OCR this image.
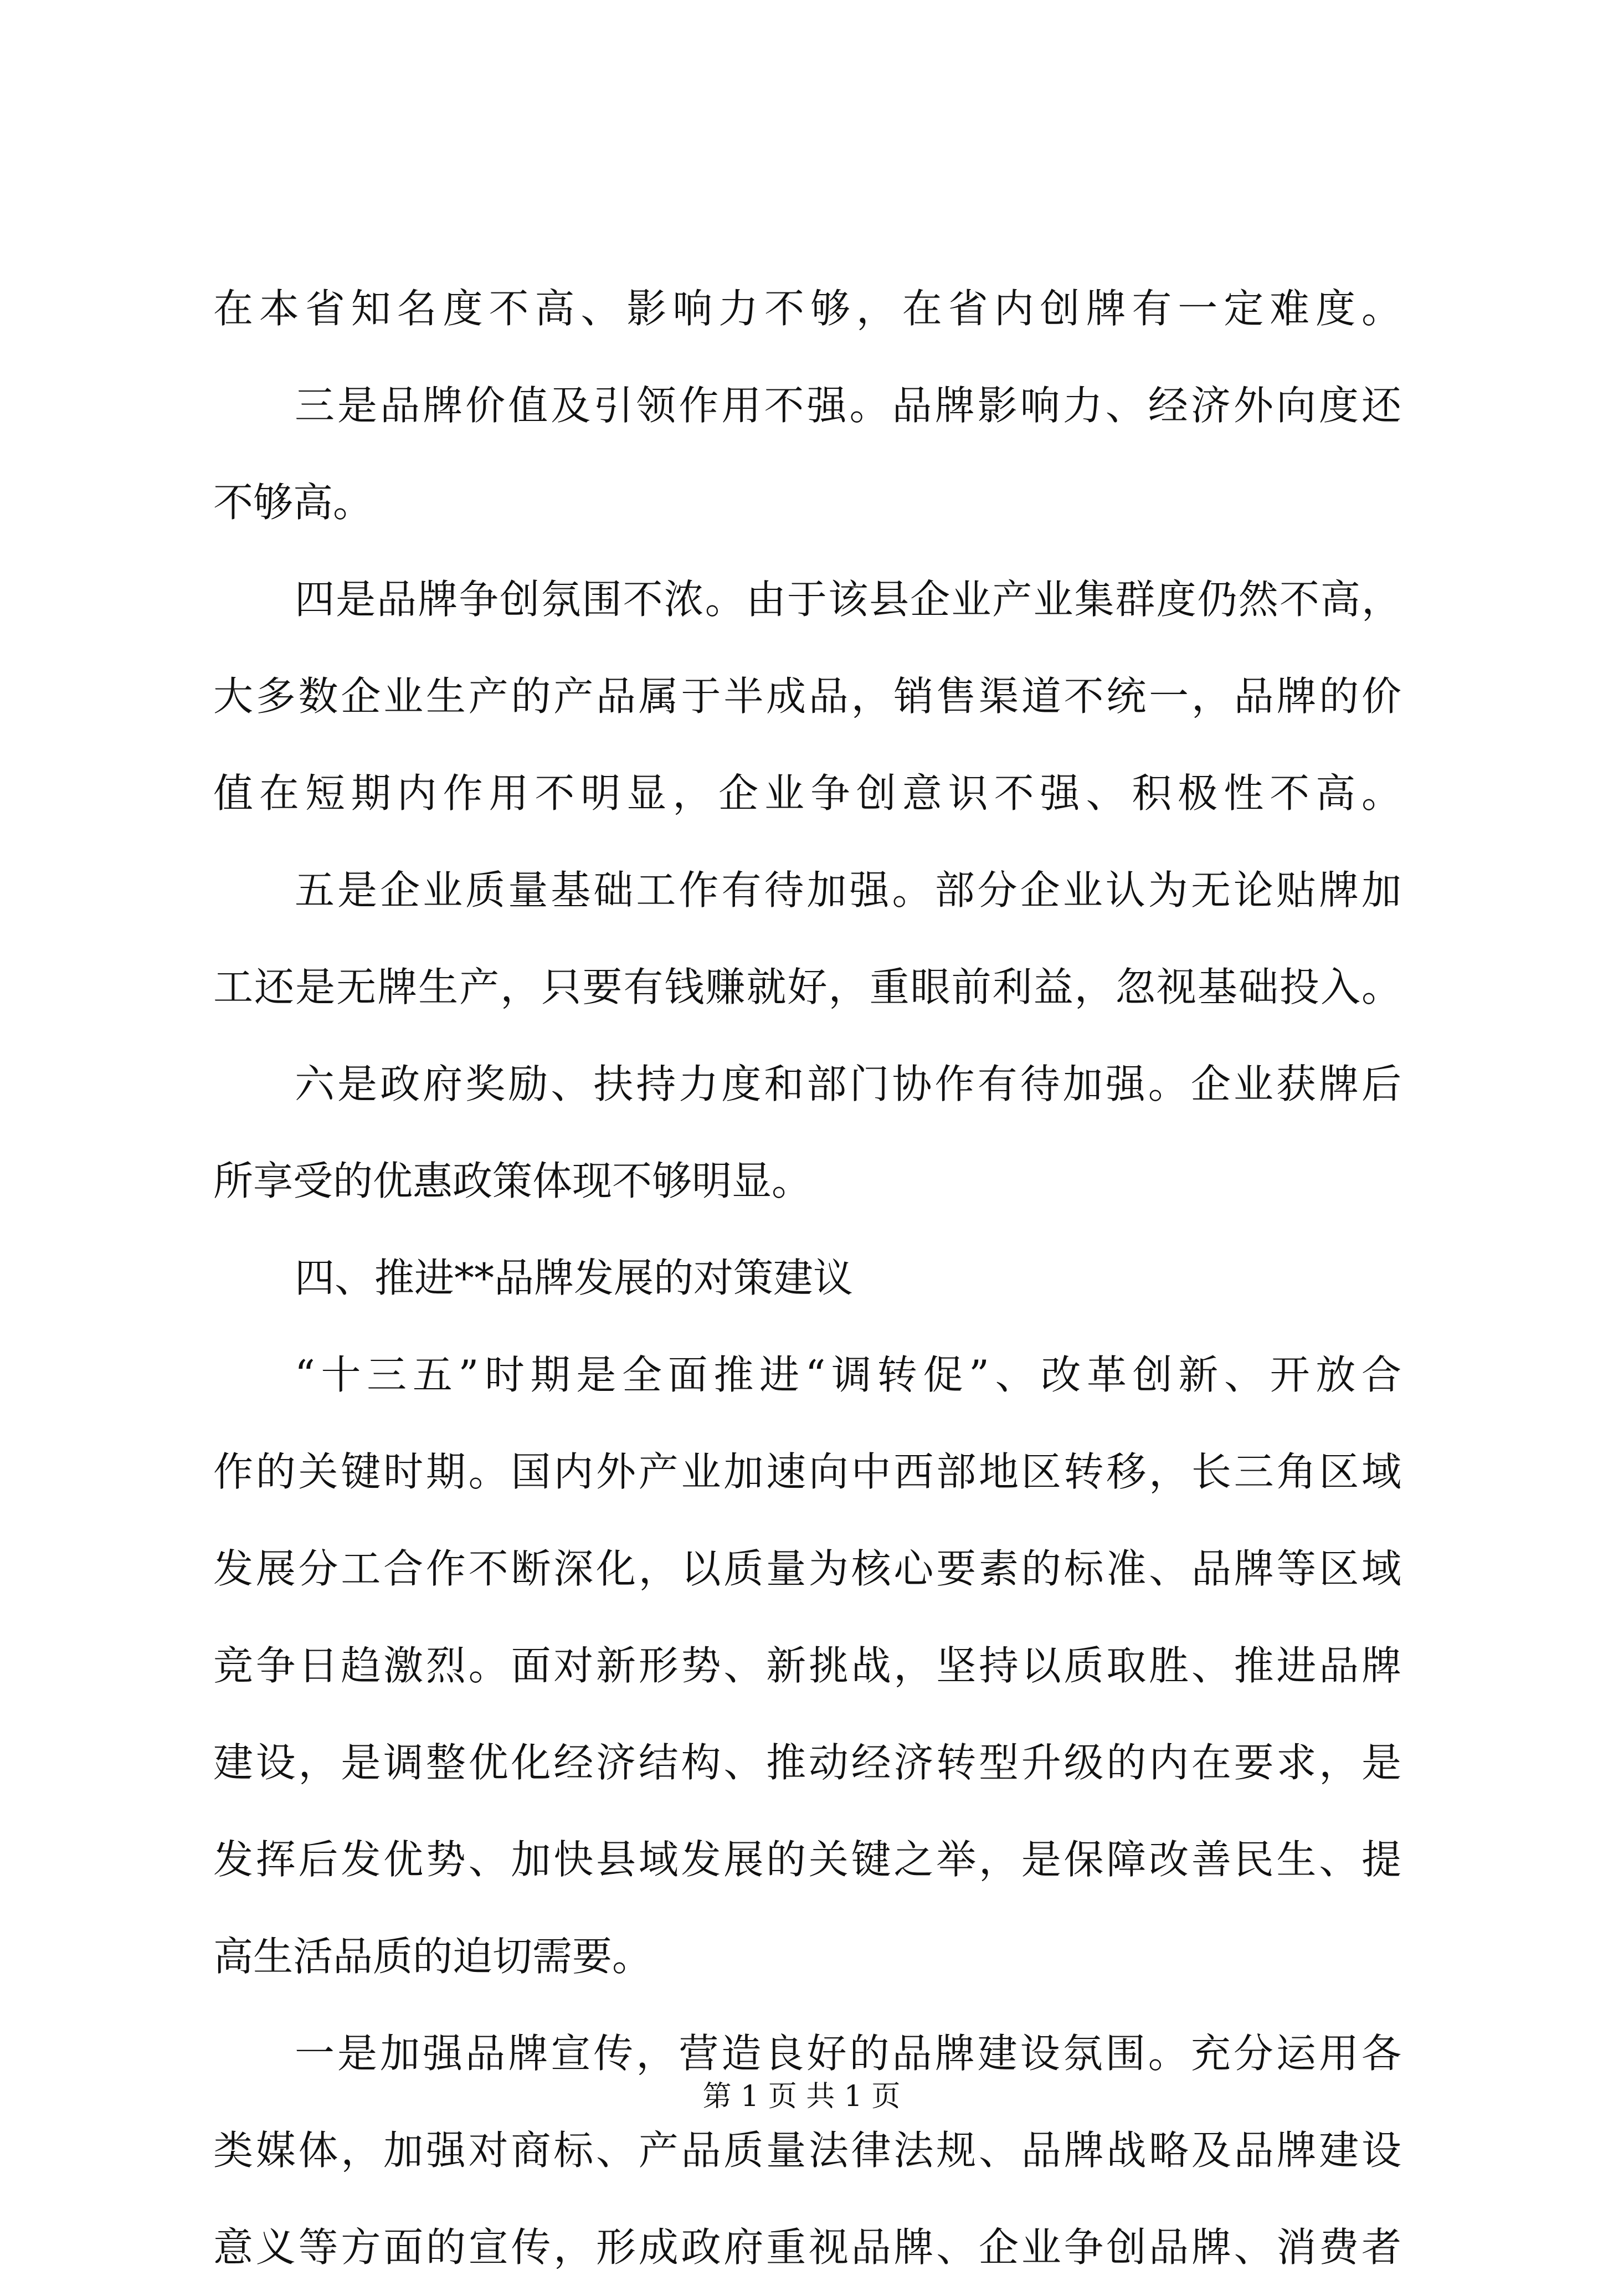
在本省知名度不高、影响力不够，在省内创牌有一定难度。
三是品牌价值及引领作用不强。品牌影响力、经济外向度还
不够高。
四是品牌争创氛围不浓。由于该县企业产业集群度仍然不高，
大多数企业生产的产品属于半成品，销售渠道不统一，品牌的价
值在短期内作用不明显，企业争创意识不强、积极性不高。
五是企业质量基础工作有待加强。部分企业认为无论贴牌加
工还是无牌生产，只要有钱赚就好，重眼前利益，忽视基础投入。
六是政府奖励、扶持力度和部门协作有待加强。企业获牌后
所享受的优惠政策体现不够明显。
四、推进**品牌发展的对策建议
“十三五”时期是全面推进“调转促”、改革创新、开放合
作的关键时期。国内外产业加速向中西部地区转移，长三角区域
发展分工合作不断深化，以质量为核心要素的标准、品牌等区域
竞争日趋激烈。面对新形势、新挑战，坚持以质取胜、推进品牌
建设，是调整优化经济结构、推动经济转型升级的内在要求，是
发挥后发优势、加快县域发展的关键之举，是保障改善民生、提
高生活品质的迫切需要。
一是加强品牌宣传，营造良好的品牌建设氛围。充分运用各
类媒体，加强对商标、产品质量法律法规、品牌战略及品牌建设
意义等方面的宣传，形成政府重视品牌、企业争创品牌、消费者
第 1 页 共 1 页
